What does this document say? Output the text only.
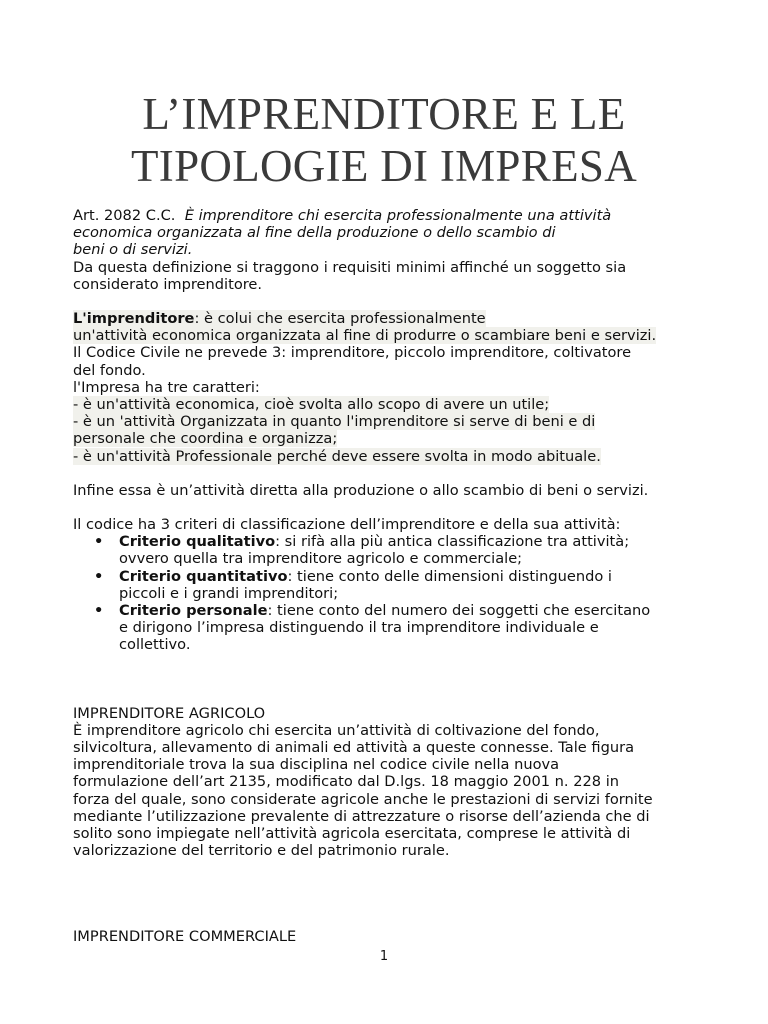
L’IMPRENDITORE E LE
TIPOLOGIE DI IMPRESA

Art. 2082 C.C. È imprenditore chi esercita professionalmente una attività

economica organizzata al fine della produzione o dello scambio di

beni o di servizi.

Da questa definizione si traggono i requisiti minimi affinché un soggetto sia

considerato imprenditore.

L'imprenditore: è colui che esercita professionalmente

un'attività economica organizzata al fine di produrre o scambiare beni e servizi.

Il Codice Civile ne prevede 3: imprenditore, piccolo imprenditore, coltivatore

del fondo.

l'Impresa ha tre caratteri:

- è un'attività economica, cioè svolta allo scopo di avere un utile;

- è un 'attività Organizzata in quanto l'imprenditore si serve di beni e di

personale che coordina e organizza;

- è un'attività Professionale perché deve essere svolta in modo abituale.

Infine essa è un’attività diretta alla produzione o allo scambio di beni o servizi.

Il codice ha 3 criteri di classificazione dell’imprenditore e della sua attività:

• Criterio qualitativo: si rifà alla più antica classificazione tra attività;

ovvero quella tra imprenditore agricolo e commerciale;

• Criterio quantitativo: tiene conto delle dimensioni distinguendo i

piccoli e i grandi imprenditori;

• Criterio personale: tiene conto del numero dei soggetti che esercitano

e dirigono l’impresa distinguendo il tra imprenditore individuale e

collettivo.

IMPRENDITORE AGRICOLO

È imprenditore agricolo chi esercita un’attività di coltivazione del fondo,

silvicoltura, allevamento di animali ed attività a queste connesse. Tale figura

imprenditoriale trova la sua disciplina nel codice civile nella nuova

formulazione dell’art 2135, modificato dal D.lgs. 18 maggio 2001 n. 228 in

forza del quale, sono considerate agricole anche le prestazioni di servizi fornite

mediante l’utilizzazione prevalente di attrezzature o risorse dell’azienda che di

solito sono impiegate nell’attività agricola esercitata, comprese le attività di

valorizzazione del territorio e del patrimonio rurale.

IMPRENDITORE COMMERCIALE

1
